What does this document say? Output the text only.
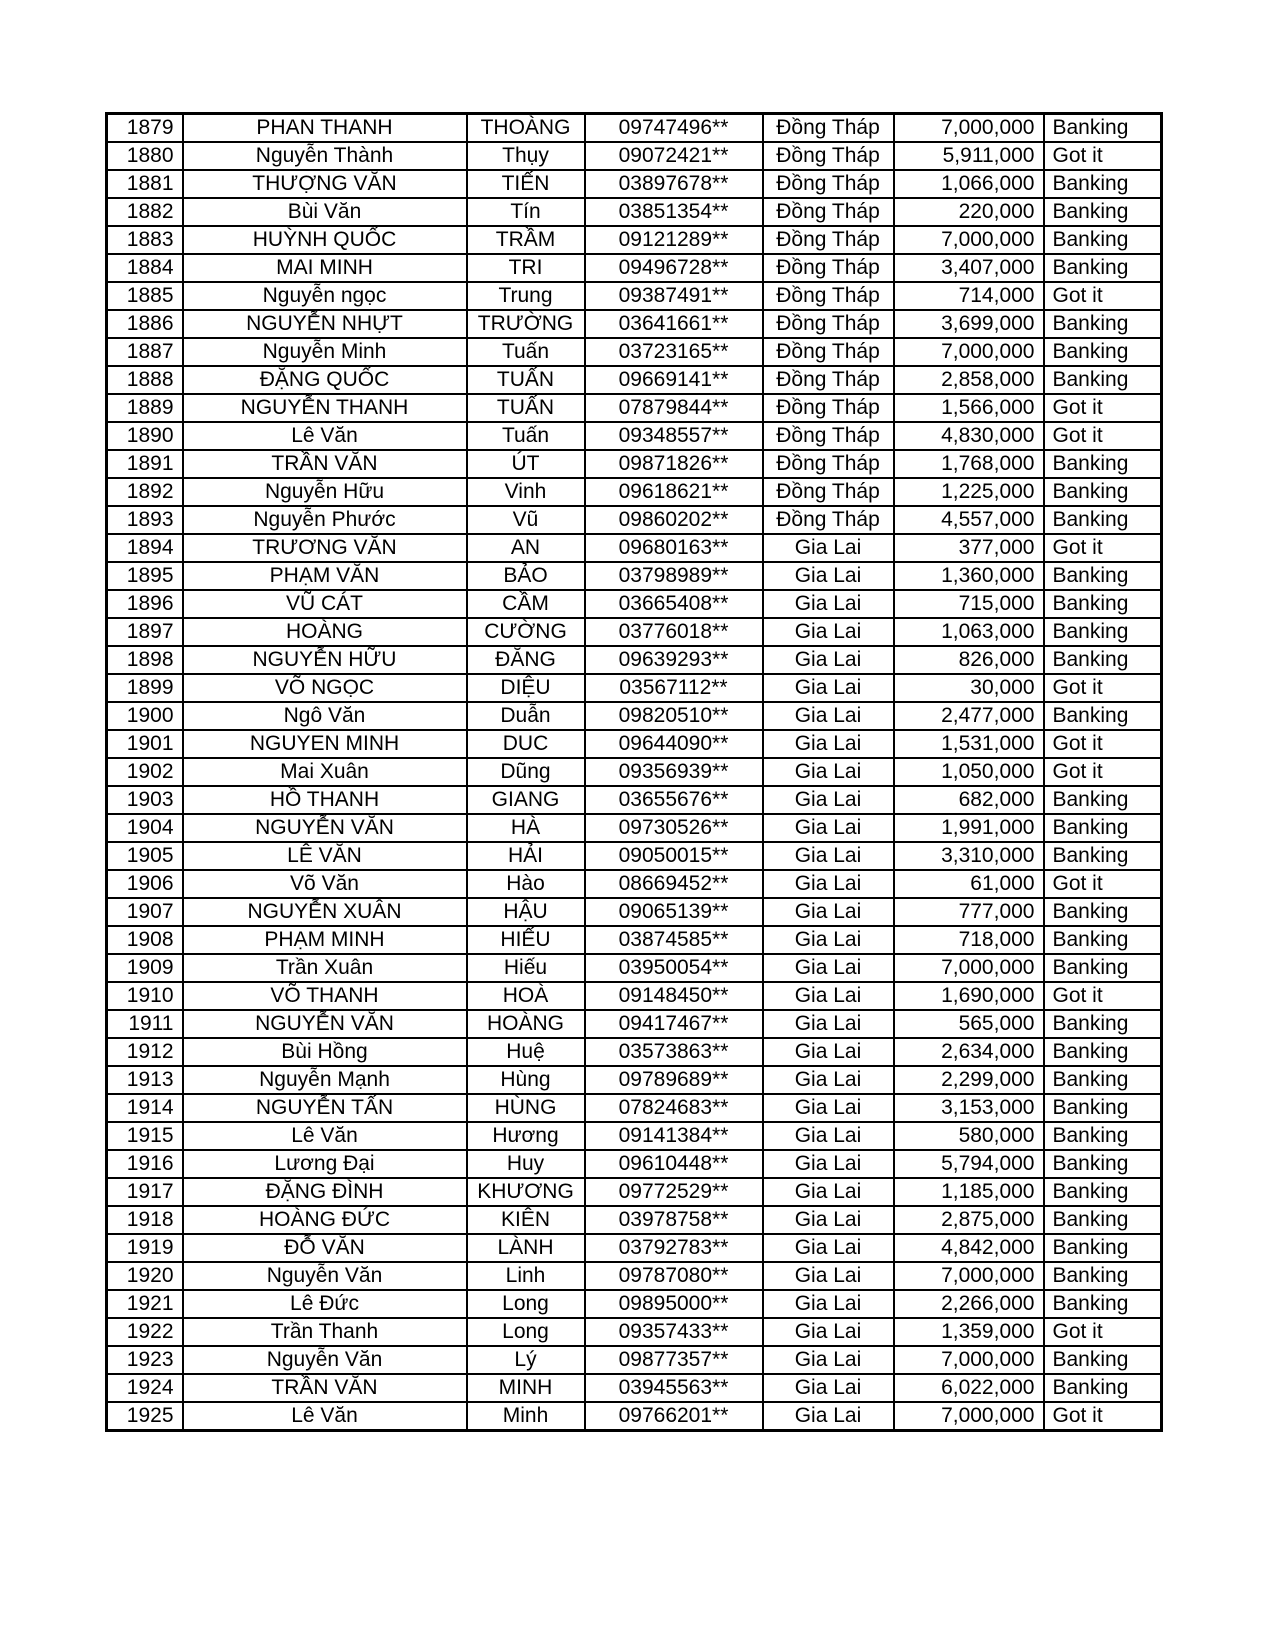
1879	PHAN THANH	THOÀNG	09747496**	Đồng Tháp	7,000,000	Banking
1880	Nguyễn Thành	Thụy	09072421**	Đồng Tháp	5,911,000	Got it
1881	THƯỢNG VĂN	TIẾN	03897678**	Đồng Tháp	1,066,000	Banking
1882	Bùi Văn	Tín	03851354**	Đồng Tháp	220,000	Banking
1883	HUỲNH QUỐC	TRẦM	09121289**	Đồng Tháp	7,000,000	Banking
1884	MAI MINH	TRI	09496728**	Đồng Tháp	3,407,000	Banking
1885	Nguyễn ngọc	Trung	09387491**	Đồng Tháp	714,000	Got it
1886	NGUYỄN NHỰT	TRƯỜNG	03641661**	Đồng Tháp	3,699,000	Banking
1887	Nguyễn Minh	Tuấn	03723165**	Đồng Tháp	7,000,000	Banking
1888	ĐẶNG QUỐC	TUẤN	09669141**	Đồng Tháp	2,858,000	Banking
1889	NGUYỄN THANH	TUẤN	07879844**	Đồng Tháp	1,566,000	Got it
1890	Lê Văn	Tuấn	09348557**	Đồng Tháp	4,830,000	Got it
1891	TRẦN VĂN	ÚT	09871826**	Đồng Tháp	1,768,000	Banking
1892	Nguyễn Hữu	Vinh	09618621**	Đồng Tháp	1,225,000	Banking
1893	Nguyễn Phước	Vũ	09860202**	Đồng Tháp	4,557,000	Banking
1894	TRƯƠNG VĂN	AN	09680163**	Gia Lai	377,000	Got it
1895	PHẠM VĂN	BẢO	03798989**	Gia Lai	1,360,000	Banking
1896	VŨ CÁT	CẦM	03665408**	Gia Lai	715,000	Banking
1897	HOÀNG	CƯỜNG	03776018**	Gia Lai	1,063,000	Banking
1898	NGUYỄN HỮU	ĐĂNG	09639293**	Gia Lai	826,000	Banking
1899	VÕ NGỌC	DIỆU	03567112**	Gia Lai	30,000	Got it
1900	Ngô Văn	Duẫn	09820510**	Gia Lai	2,477,000	Banking
1901	NGUYEN MINH	DUC	09644090**	Gia Lai	1,531,000	Got it
1902	Mai Xuân	Dũng	09356939**	Gia Lai	1,050,000	Got it
1903	HỒ THANH	GIANG	03655676**	Gia Lai	682,000	Banking
1904	NGUYỄN VĂN	HÀ	09730526**	Gia Lai	1,991,000	Banking
1905	LÊ VĂN	HẢI	09050015**	Gia Lai	3,310,000	Banking
1906	Võ Văn	Hào	08669452**	Gia Lai	61,000	Got it
1907	NGUYỄN XUÂN	HẬU	09065139**	Gia Lai	777,000	Banking
1908	PHẠM MINH	HIẾU	03874585**	Gia Lai	718,000	Banking
1909	Trần Xuân	Hiếu	03950054**	Gia Lai	7,000,000	Banking
1910	VÕ THANH	HOÀ	09148450**	Gia Lai	1,690,000	Got it
1911	NGUYỄN VĂN	HOÀNG	09417467**	Gia Lai	565,000	Banking
1912	Bùi Hồng	Huệ	03573863**	Gia Lai	2,634,000	Banking
1913	Nguyễn Mạnh	Hùng	09789689**	Gia Lai	2,299,000	Banking
1914	NGUYỄN TẤN	HÙNG	07824683**	Gia Lai	3,153,000	Banking
1915	Lê Văn	Hương	09141384**	Gia Lai	580,000	Banking
1916	Lương Đại	Huy	09610448**	Gia Lai	5,794,000	Banking
1917	ĐẶNG ĐÌNH	KHƯƠNG	09772529**	Gia Lai	1,185,000	Banking
1918	HOÀNG ĐỨC	KIÊN	03978758**	Gia Lai	2,875,000	Banking
1919	ĐỖ VĂN	LÀNH	03792783**	Gia Lai	4,842,000	Banking
1920	Nguyễn Văn	Linh	09787080**	Gia Lai	7,000,000	Banking
1921	Lê Đức	Long	09895000**	Gia Lai	2,266,000	Banking
1922	Trần Thanh	Long	09357433**	Gia Lai	1,359,000	Got it
1923	Nguyễn Văn	Lý	09877357**	Gia Lai	7,000,000	Banking
1924	TRẦN VĂN	MINH	03945563**	Gia Lai	6,022,000	Banking
1925	Lê Văn	Minh	09766201**	Gia Lai	7,000,000	Got it
